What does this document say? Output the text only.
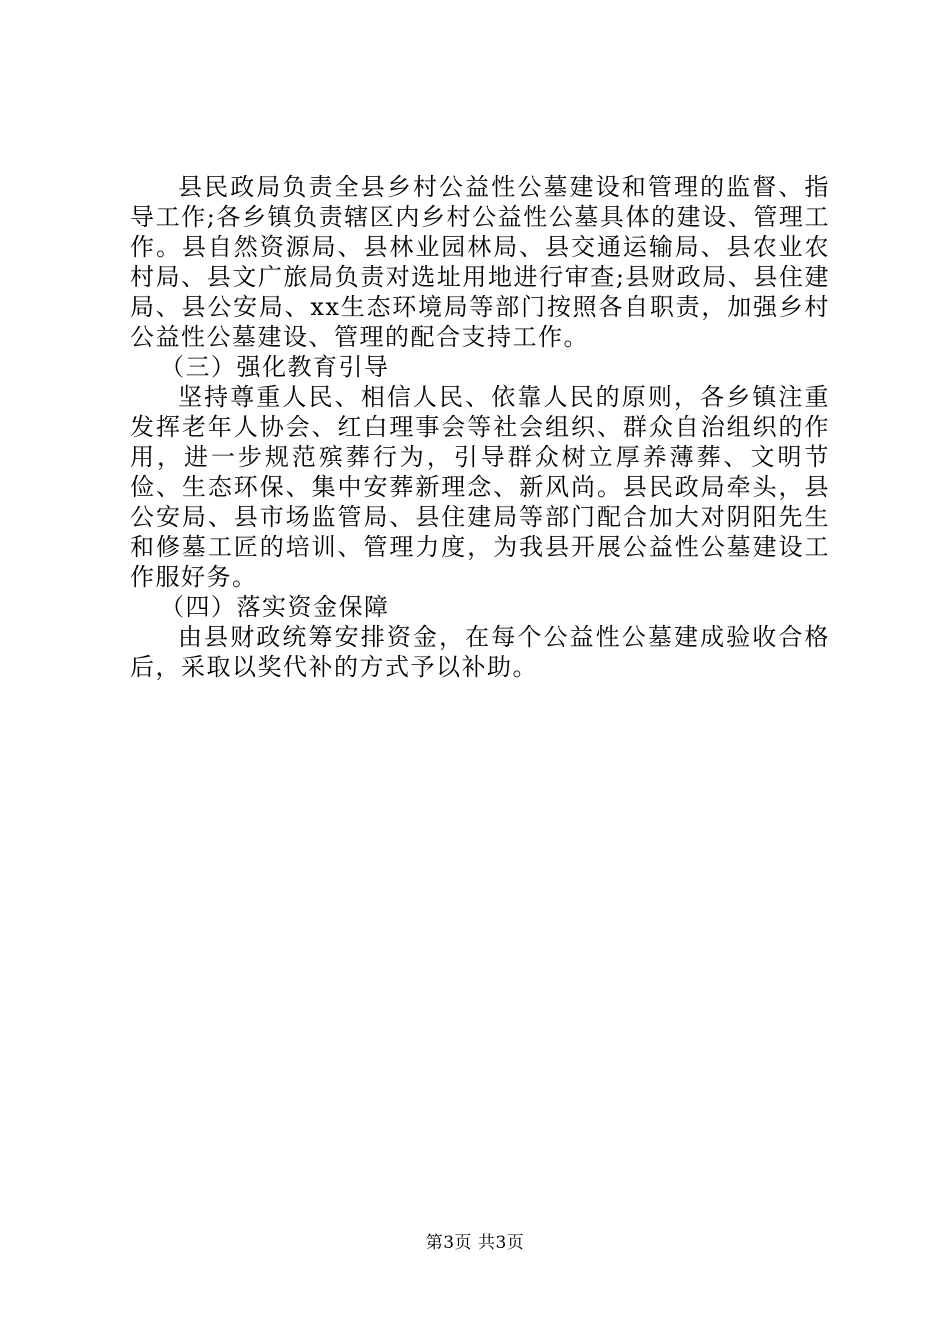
县民政局负责全县乡村公益性公墓建设和管理的监督、指导工作;各乡镇负责辖区内乡村公益性公墓具体的建设、管理工作。县自然资源局、县林业园林局、县交通运输局、县农业农村局、县文广旅局负责对选址用地进行审查;县财政局、县住建局、县公安局、xx生态环境局等部门按照各自职责，加强乡村公益性公墓建设、管理的配合支持工作。

（三）强化教育引导

坚持尊重人民、相信人民、依靠人民的原则，各乡镇注重发挥老年人协会、红白理事会等社会组织、群众自治组织的作用，进一步规范殡葬行为，引导群众树立厚养薄葬、文明节俭、生态环保、集中安葬新理念、新风尚。县民政局牵头，县公安局、县市场监管局、县住建局等部门配合加大对阴阳先生和修墓工匠的培训、管理力度，为我县开展公益性公墓建设工作服好务。

（四）落实资金保障

由县财政统筹安排资金，在每个公益性公墓建成验收合格后，采取以奖代补的方式予以补助。

第3页 共3页
